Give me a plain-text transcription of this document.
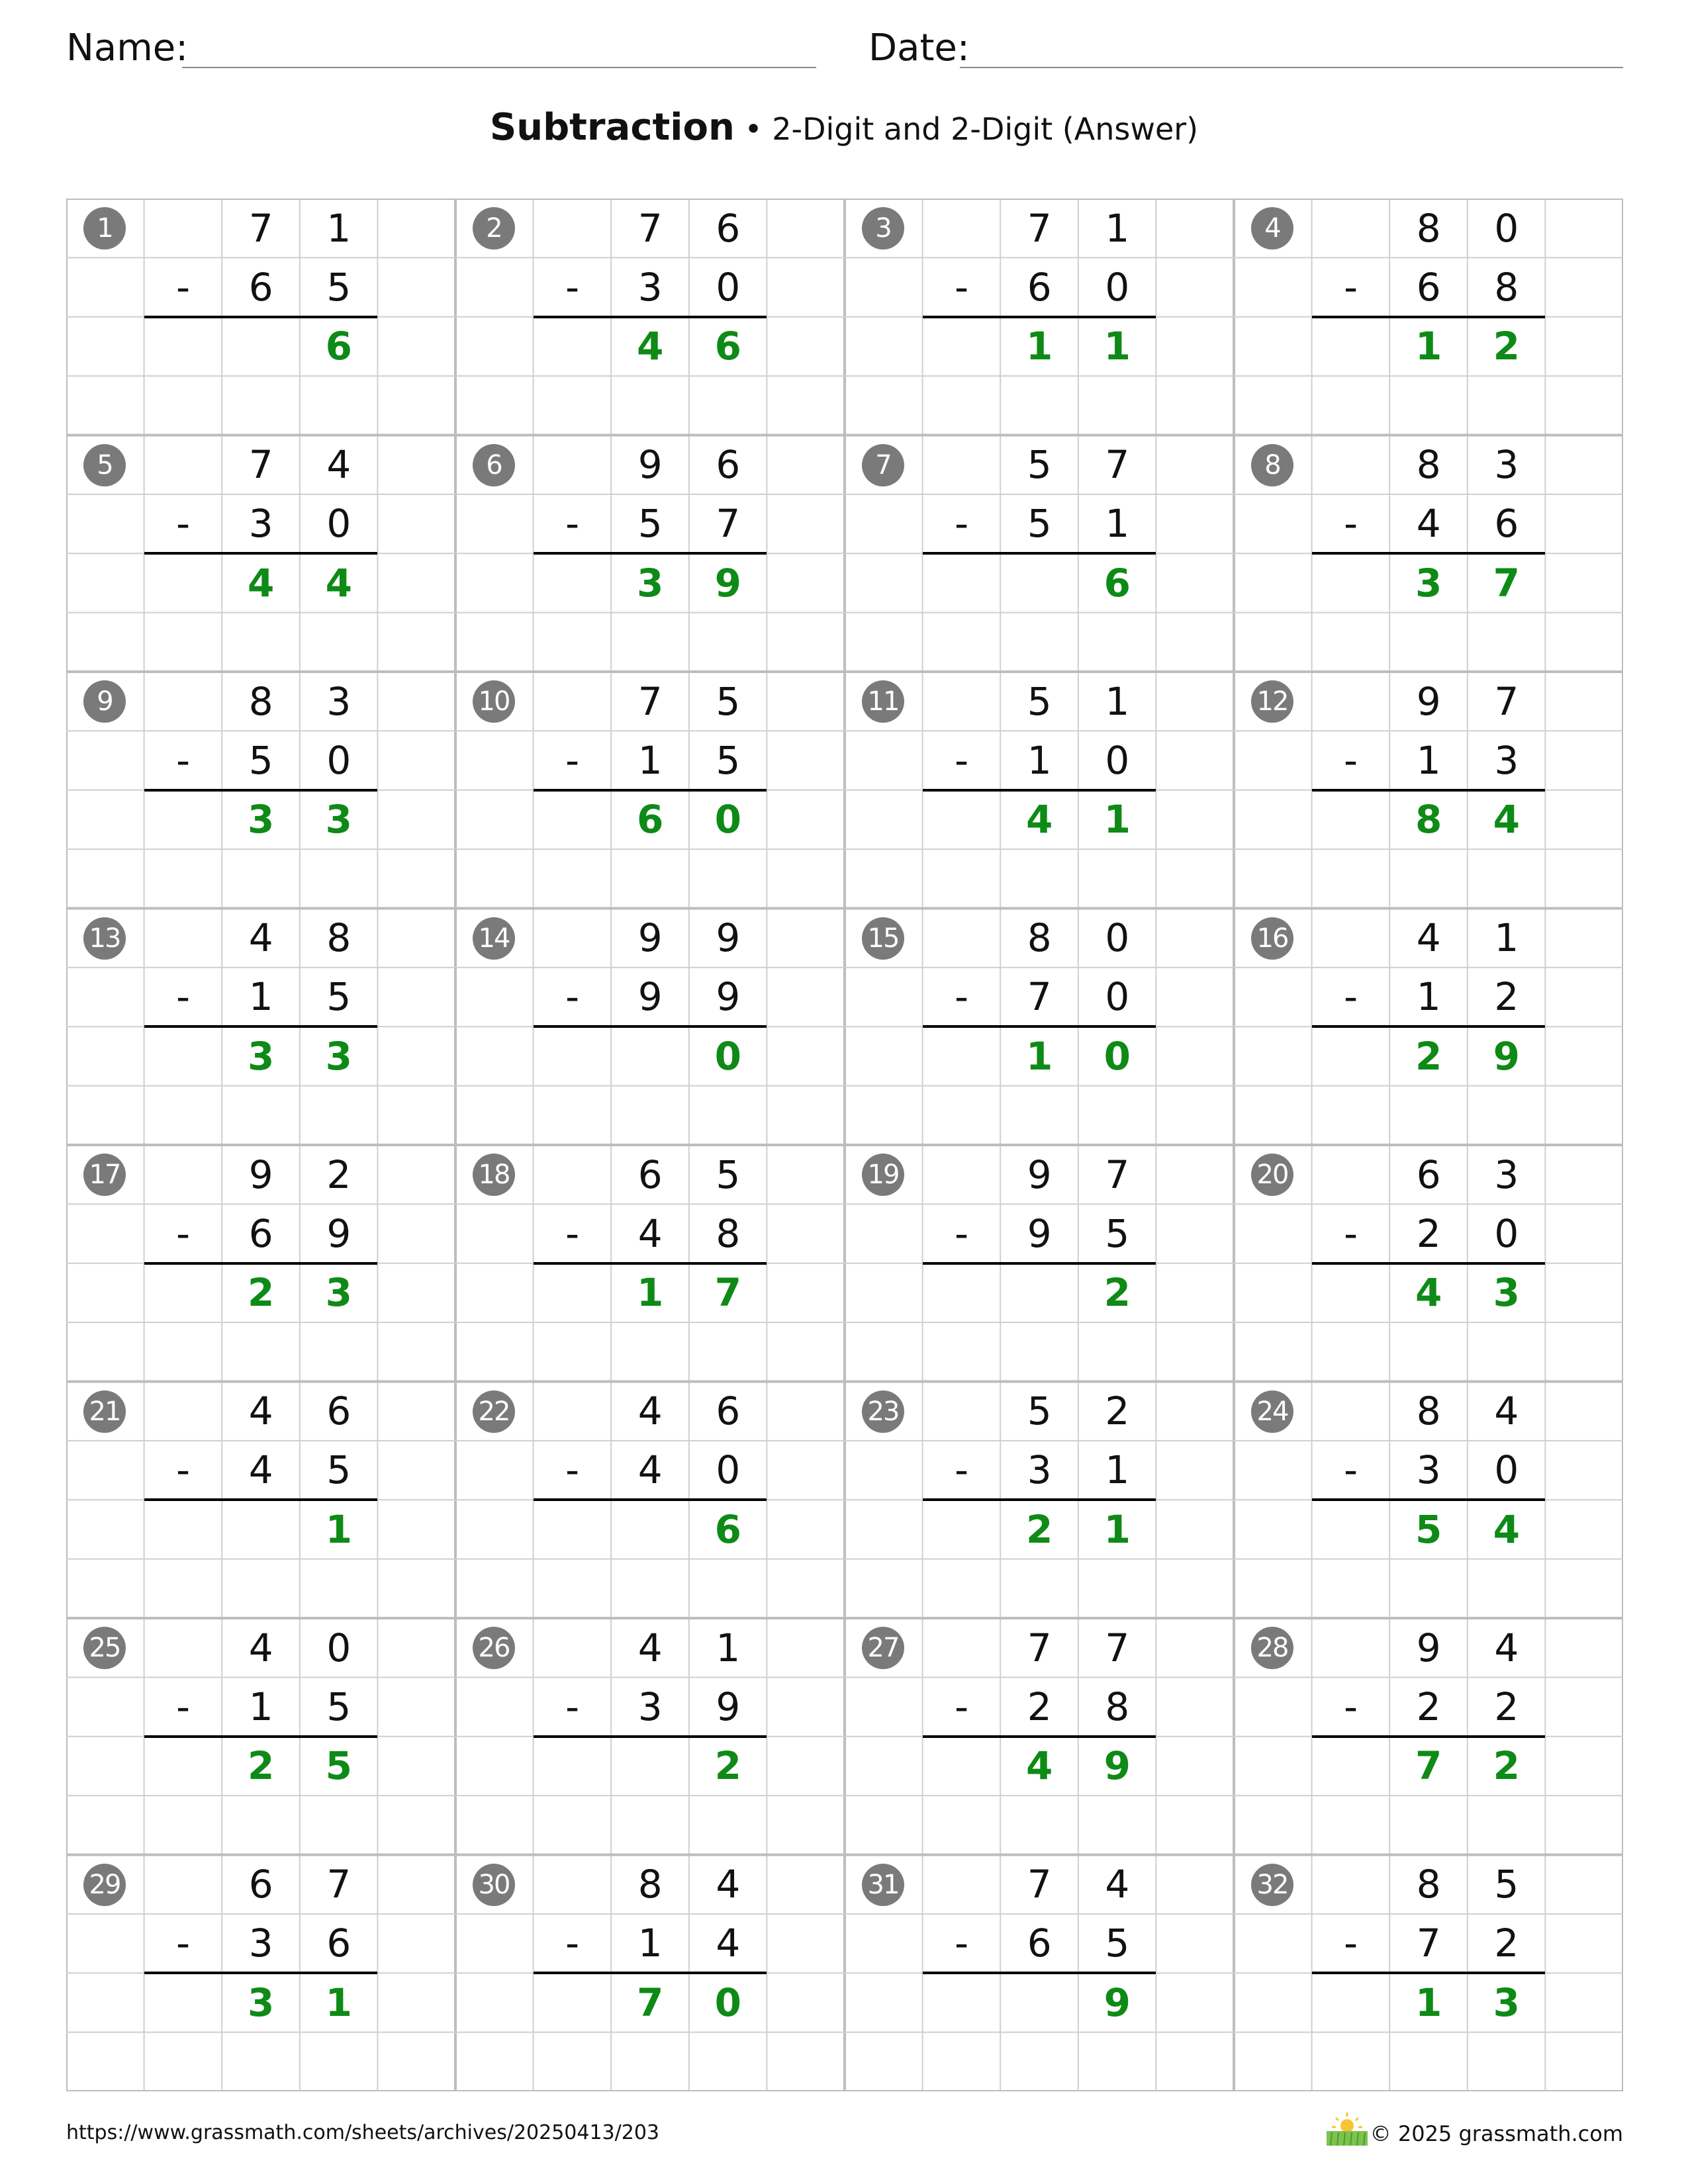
Name:	Date:
Subtraction • 2-Digit and 2-Digit (Answer)
1	7	1
-	6	5
6
2	7	6
-	3	0
4	6
3	7	1
-	6	0
1	1
4	8	0
-	6	8
1	2
5	7	4
-	3	0
4	4
6	9	6
-	5	7
3	9
7	5	7
-	5	1
6
8	8	3
-	4	6
3	7
9	8	3
-	5	0
3	3
10	7	5
-	1	5
6	0
11	5	1
-	1	0
4	1
12	9	7
-	1	3
8	4
13	4	8
-	1	5
3	3
14	9	9
-	9	9
0
15	8	0
-	7	0
1	0
16	4	1
-	1	2
2	9
17	9	2
-	6	9
2	3
18	6	5
-	4	8
1	7
19	9	7
-	9	5
2
20	6	3
-	2	0
4	3
21	4	6
-	4	5
1
22	4	6
-	4	0
6
23	5	2
-	3	1
2	1
24	8	4
-	3	0
5	4
25	4	0
-	1	5
2	5
26	4	1
-	3	9
2
27	7	7
-	2	8
4	9
28	9	4
-	2	2
7	2
29	6	7
-	3	6
3	1
30	8	4
-	1	4
7	0
31	7	4
-	6	5
9
32	8	5
-	7	2
1	3
https://www.grassmath.com/sheets/archives/20250413/203	© 2025 grassmath.com
